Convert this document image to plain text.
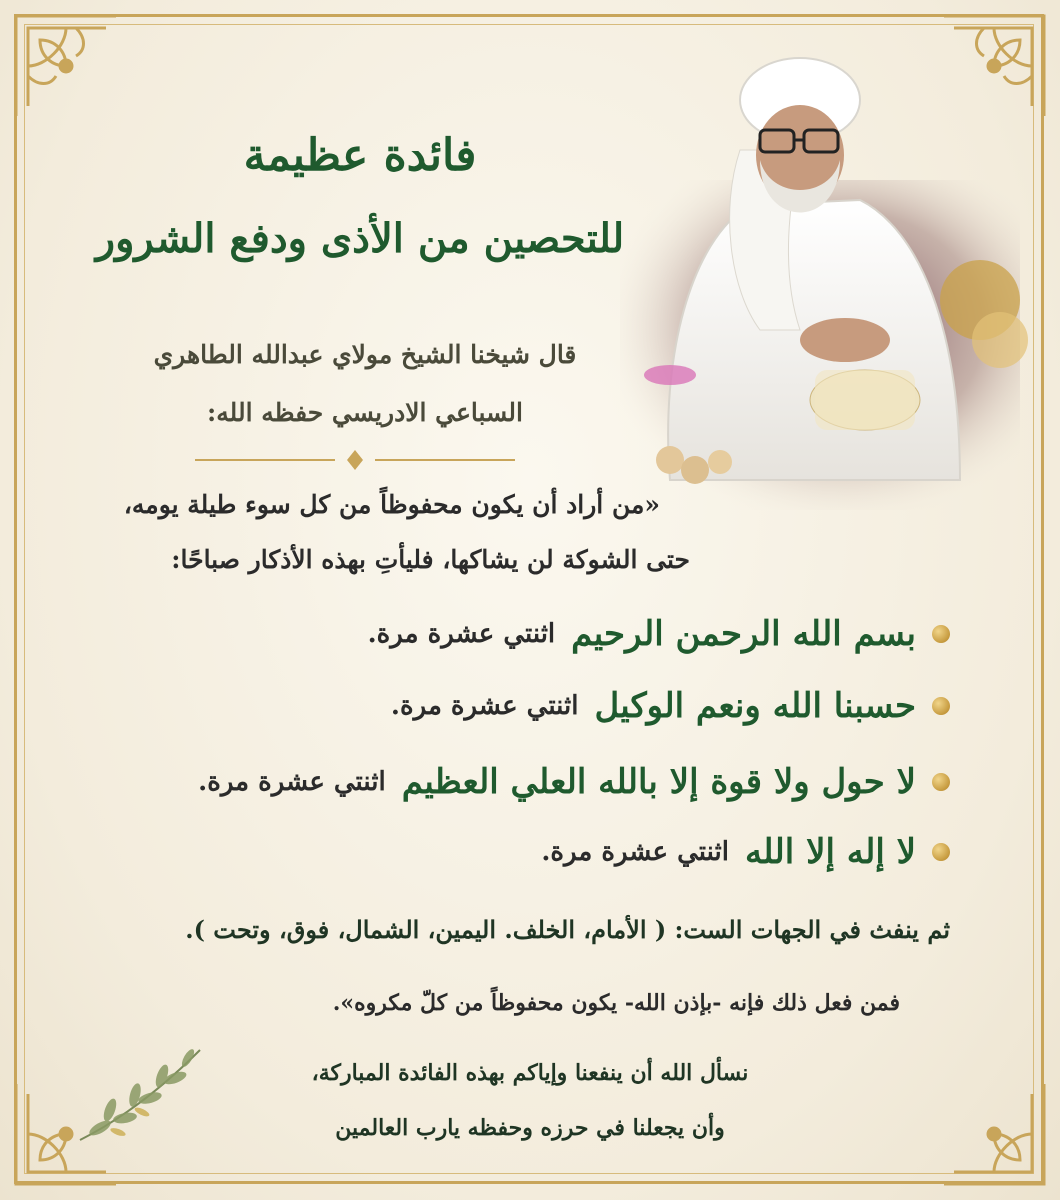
فائدة عظيمة
للتحصين من الأذى ودفع الشرور
قال شيخنا الشيخ مولاي عبدالله الطاهري
السباعي الادريسي حفظه الله:
«من أراد أن يكون محفوظاً من كل سوء طيلة يومه،
حتى الشوكة لن يشاكها، فليأتِ بهذه الأذكار صباحًا:
بسم الله الرحمن الرحيم
اثنتي عشرة مرة.
حسبنا الله ونعم الوكيل
اثنتي عشرة مرة.
لا حول ولا قوة إلا بالله العلي العظيم
اثنتي عشرة مرة.
لا إله إلا الله
اثنتي عشرة مرة.
ثم ينفث في الجهات الست: ( الأمام، الخلف. اليمين، الشمال، فوق، وتحت ).
فمن فعل ذلك فإنه -بإذن الله- يكون محفوظاً من كلّ مكروه».
نسأل الله أن ينفعنا وإياكم بهذه الفائدة المباركة،
وأن يجعلنا في حرزه وحفظه يارب العالمين
